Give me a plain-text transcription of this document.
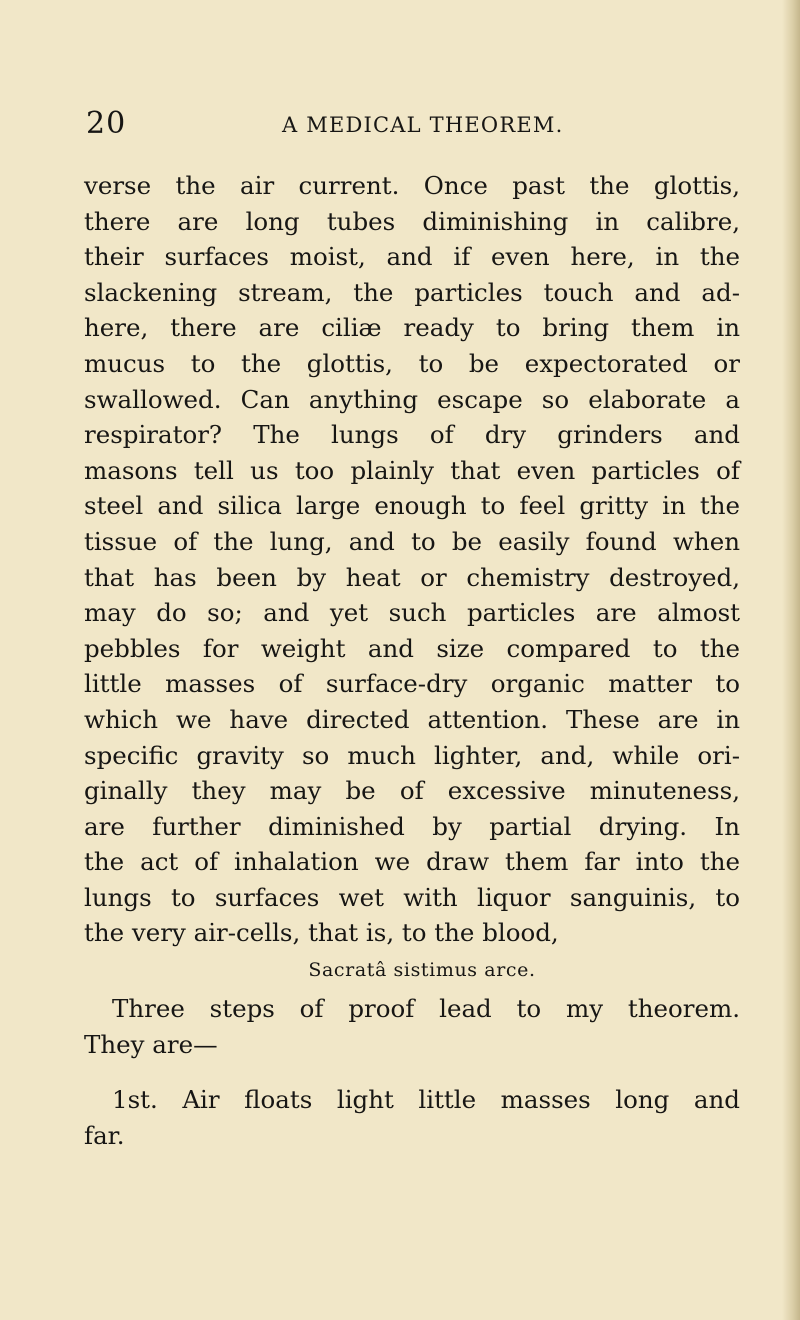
20	A MEDICAL THEOREM.
verse the air current. Once past the glottis,
there are long tubes diminishing in calibre,
their surfaces moist, and if even here, in the
slackening stream, the particles touch and ad-
here, there are ciliæ ready to bring them in
mucus to the glottis, to be expectorated or
swallowed. Can anything escape so elaborate a
respirator? The lungs of dry grinders and
masons tell us too plainly that even particles of
steel and silica large enough to feel gritty in the
tissue of the lung, and to be easily found when
that has been by heat or chemistry destroyed,
may do so; and yet such particles are almost
pebbles for weight and size compared to the
little masses of surface-dry organic matter to
which we have directed attention. These are in
specific gravity so much lighter, and, while ori-
ginally they may be of excessive minuteness,
are further diminished by partial drying. In
the act of inhalation we draw them far into the
lungs to surfaces wet with liquor sanguinis, to
the very air-cells, that is, to the blood,
Sacratâ sistimus arce.
Three steps of proof lead to my theorem.
They are—
1st. Air floats light little masses long and
far.
